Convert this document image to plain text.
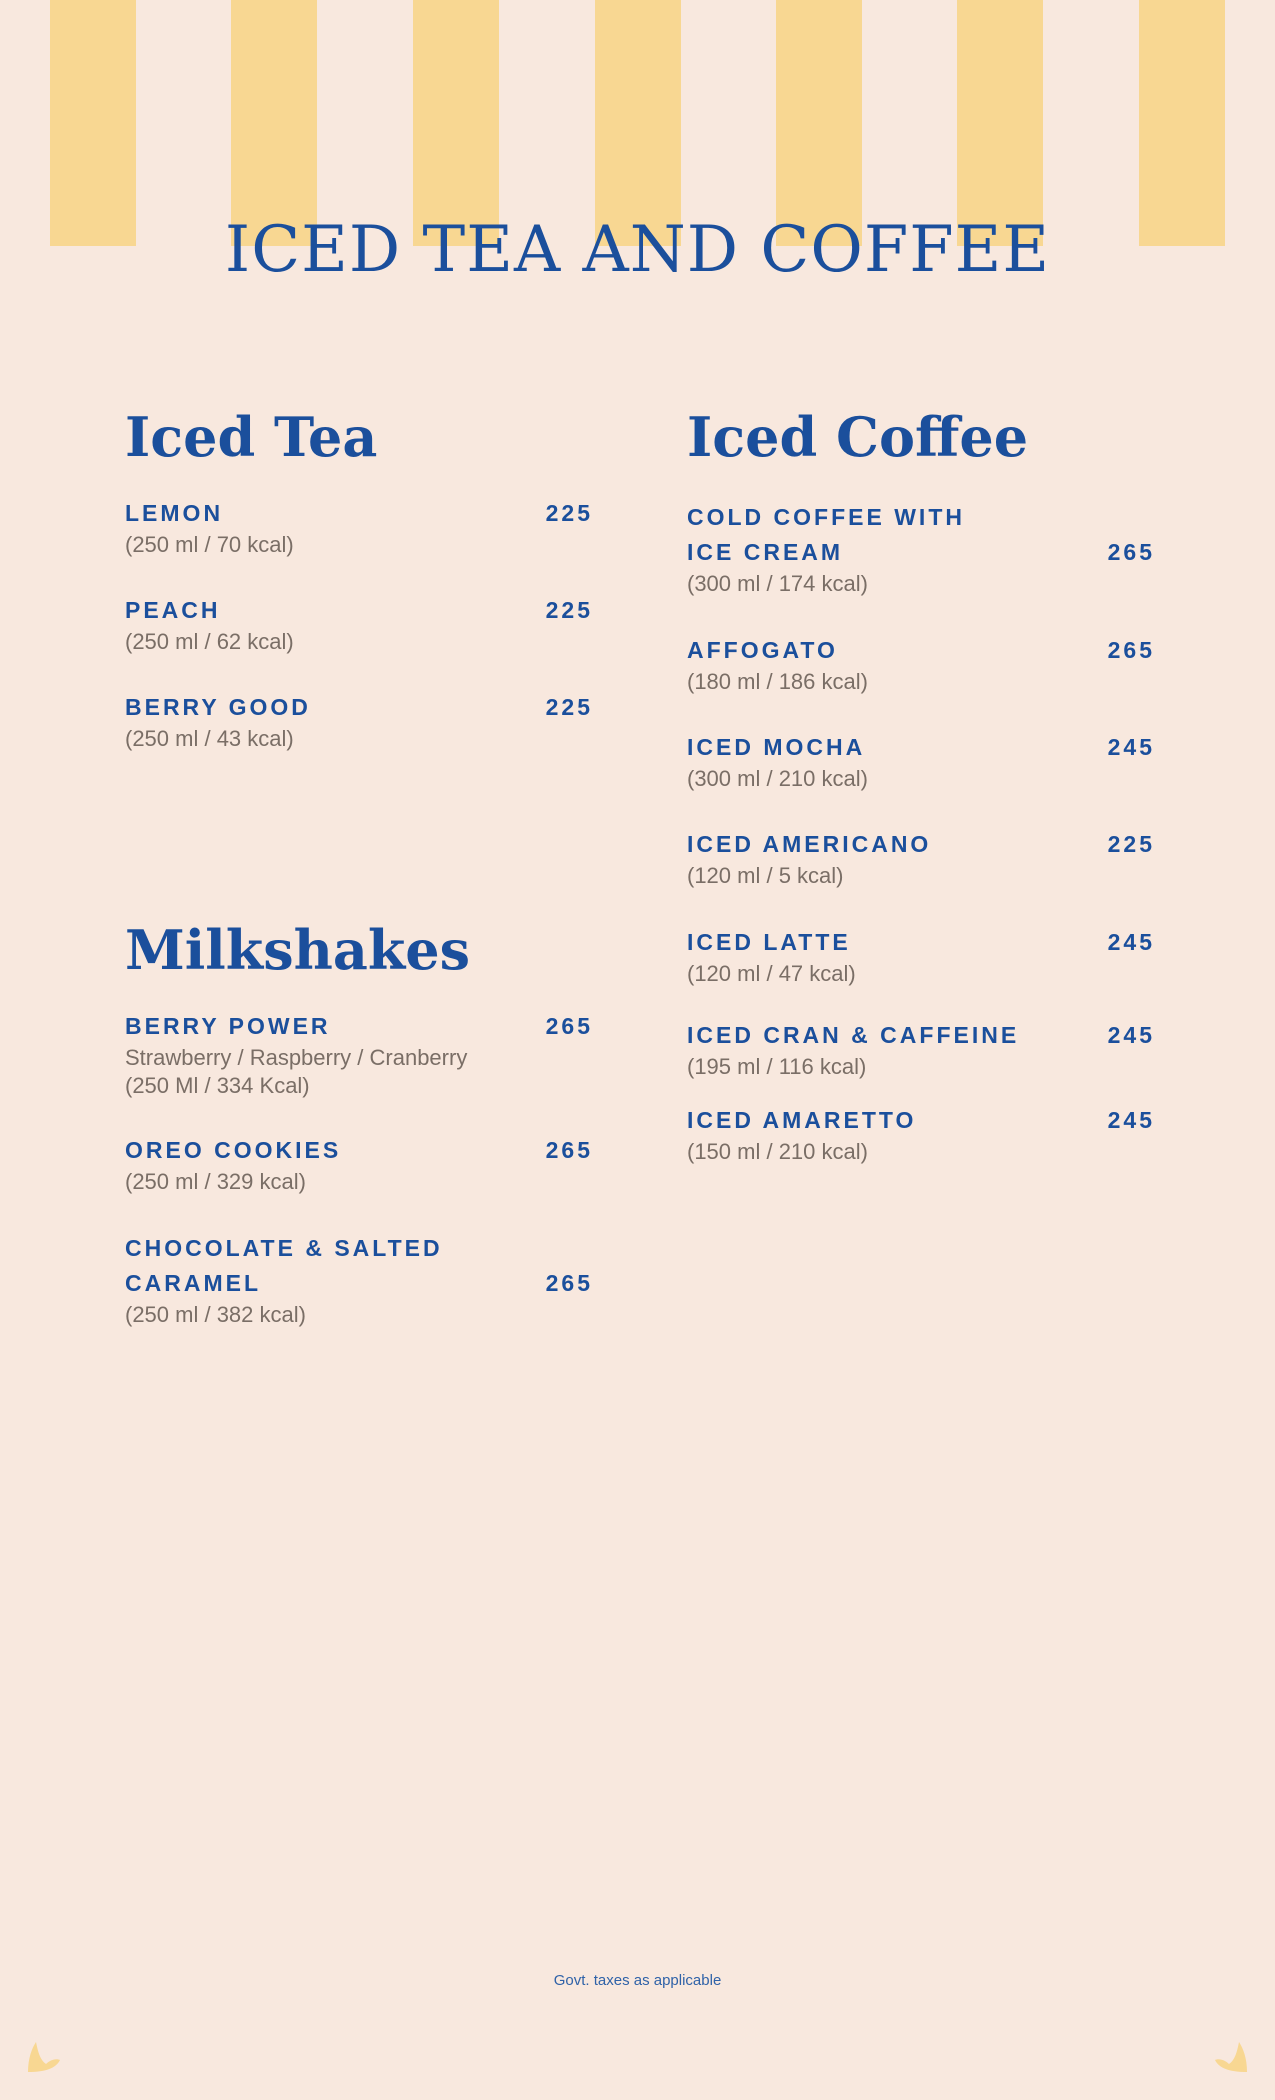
ICED TEA AND COFFEE
Iced Tea
LEMON
(250 ml / 70 kcal)
225
PEACH
(250 ml / 62 kcal)
225
BERRY GOOD
(250 ml / 43 kcal)
225
Milkshakes
BERRY POWER
Strawberry / Raspberry / Cranberry
(250 Ml / 334 Kcal)
265
OREO COOKIES
(250 ml / 329 kcal)
265
CHOCOLATE & SALTED CARAMEL
(250 ml / 382 kcal)
265
Iced Coffee
COLD COFFEE WITH ICE CREAM
(300 ml / 174 kcal)
265
AFFOGATO
(180 ml / 186 kcal)
265
ICED MOCHA
(300 ml / 210 kcal)
245
ICED AMERICANO
(120 ml / 5 kcal)
225
ICED LATTE
(120 ml / 47 kcal)
245
ICED CRAN & CAFFEINE
(195 ml / 116 kcal)
245
ICED AMARETTO
(150 ml / 210 kcal)
245
Govt. taxes as applicable
